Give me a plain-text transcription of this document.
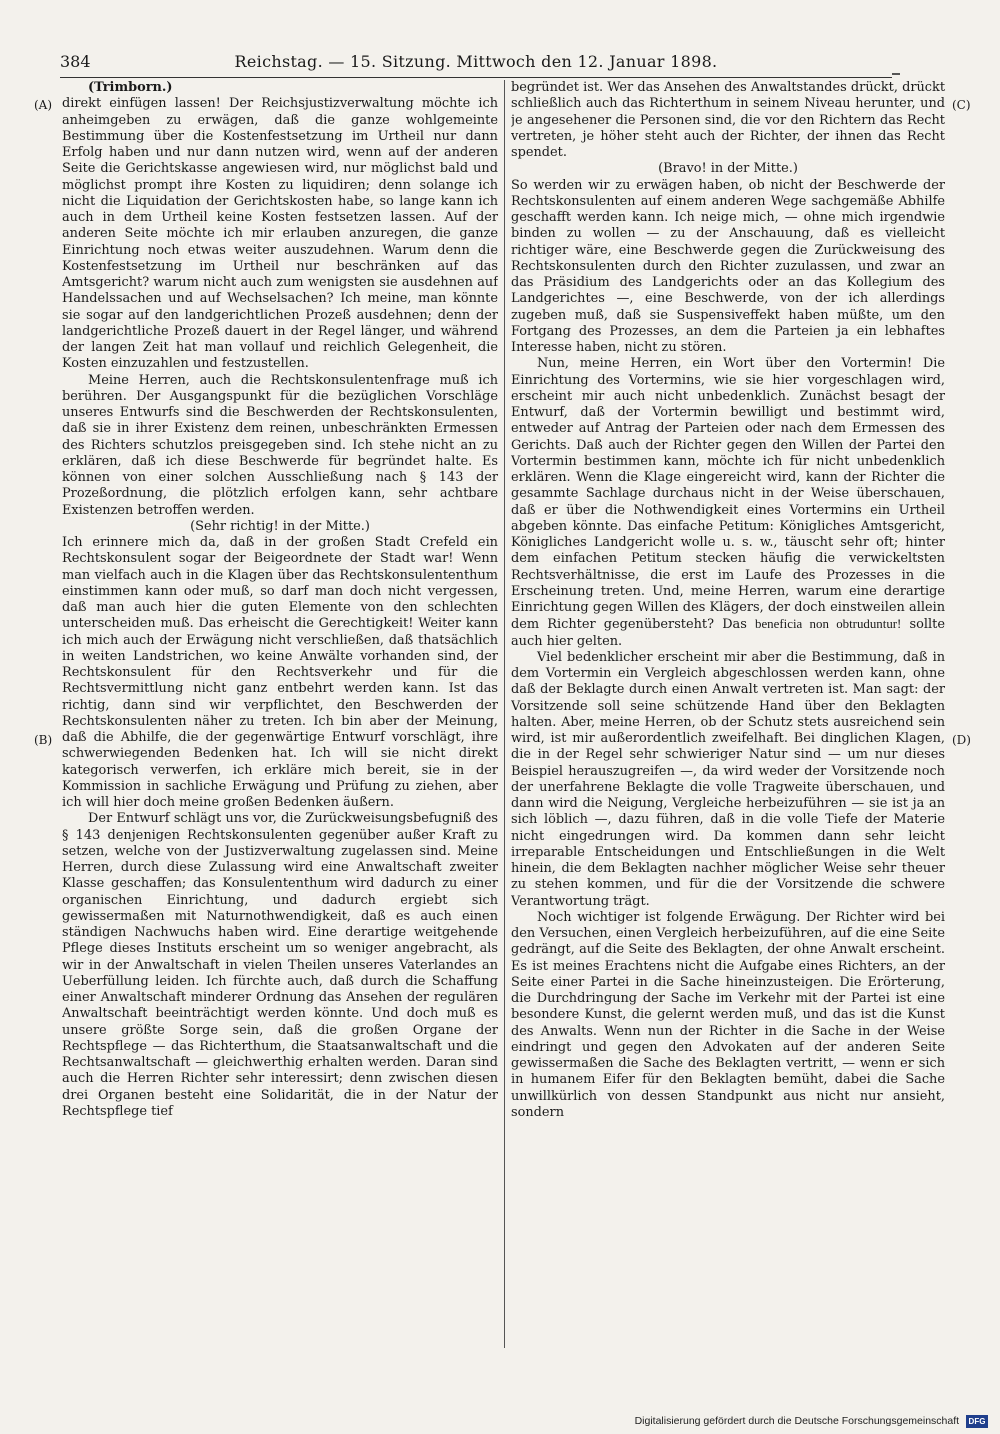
384	Reichstag. — 15. Sitzung. Mittwoch den 12. Januar 1898.
(A)
(B)
(C)
(D)

(Trimborn.)

direkt einfügen lassen! Der Reichsjustizverwaltung möchte ich anheimgeben zu erwägen, daß die ganze wohlgemeinte Bestimmung über die Kostenfestsetzung im Urtheil nur dann Erfolg haben und nur dann nutzen wird, wenn auf der anderen Seite die Gerichtskasse angewiesen wird, nur möglichst bald und möglichst prompt ihre Kosten zu liquidiren; denn solange ich nicht die Liquidation der Gerichtskosten habe, so lange kann ich auch in dem Urtheil keine Kosten festsetzen lassen. Auf der anderen Seite möchte ich mir erlauben anzuregen, die ganze Einrichtung noch etwas weiter auszudehnen. Warum denn die Kostenfestsetzung im Urtheil nur beschränken auf das Amtsgericht? warum nicht auch zum wenigsten sie ausdehnen auf Handelssachen und auf Wechselsachen? Ich meine, man könnte sie sogar auf den landgerichtlichen Prozeß ausdehnen; denn der landgerichtliche Prozeß dauert in der Regel länger, und während der langen Zeit hat man vollauf und reichlich Gelegenheit, die Kosten einzuzahlen und festzustellen.

Meine Herren, auch die Rechtskonsulentenfrage muß ich berühren. Der Ausgangspunkt für die bezüglichen Vorschläge unseres Entwurfs sind die Beschwerden der Rechtskonsulenten, daß sie in ihrer Existenz dem reinen, unbeschränkten Ermessen des Richters schutzlos preisgegeben sind. Ich stehe nicht an zu erklären, daß ich diese Beschwerde für begründet halte. Es können von einer solchen Ausschließung nach § 143 der Prozeßordnung, die plötzlich erfolgen kann, sehr achtbare Existenzen betroffen werden.

(Sehr richtig! in der Mitte.)

Ich erinnere mich da, daß in der großen Stadt Crefeld ein Rechtskonsulent sogar der Beigeordnete der Stadt war! Wenn man vielfach auch in die Klagen über das Rechtskonsulententhum einstimmen kann oder muß, so darf man doch nicht vergessen, daß man auch hier die guten Elemente von den schlechten unterscheiden muß. Das erheischt die Gerechtigkeit! Weiter kann ich mich auch der Erwägung nicht verschließen, daß thatsächlich in weiten Landstrichen, wo keine Anwälte vorhanden sind, der Rechtskonsulent für den Rechtsverkehr und für die Rechtsvermittlung nicht ganz entbehrt werden kann. Ist das richtig, dann sind wir verpflichtet, den Beschwerden der Rechtskonsulenten näher zu treten. Ich bin aber der Meinung, daß die Abhilfe, die der gegenwärtige Entwurf vorschlägt, ihre schwerwiegenden Bedenken hat. Ich will sie nicht direkt kategorisch verwerfen, ich erkläre mich bereit, sie in der Kommission in sachliche Erwägung und Prüfung zu ziehen, aber ich will hier doch meine großen Bedenken äußern.

Der Entwurf schlägt uns vor, die Zurückweisungsbefugniß des § 143 denjenigen Rechtskonsulenten gegenüber außer Kraft zu setzen, welche von der Justizverwaltung zugelassen sind. Meine Herren, durch diese Zulassung wird eine Anwaltschaft zweiter Klasse geschaffen; das Konsulententhum wird dadurch zu einer organischen Einrichtung, und dadurch ergiebt sich gewissermaßen mit Naturnothwendigkeit, daß es auch einen ständigen Nachwuchs haben wird. Eine derartige weitgehende Pflege dieses Instituts erscheint um so weniger angebracht, als wir in der Anwaltschaft in vielen Theilen unseres Vaterlandes an Ueberfüllung leiden. Ich fürchte auch, daß durch die Schaffung einer Anwaltschaft minderer Ordnung das Ansehen der regulären Anwaltschaft beeinträchtigt werden könnte. Und doch muß es unsere größte Sorge sein, daß die großen Organe der Rechtspflege — das Richterthum, die Staatsanwaltschaft und die Rechtsanwaltschaft — gleichwerthig erhalten werden. Daran sind auch die Herren Richter sehr interessirt; denn zwischen diesen drei Organen besteht eine Solidarität, die in der Natur der Rechtspflege tief

begründet ist. Wer das Ansehen des Anwaltstandes drückt, drückt schließlich auch das Richterthum in seinem Niveau herunter, und je angesehener die Personen sind, die vor den Richtern das Recht vertreten, je höher steht auch der Richter, der ihnen das Recht spendet.

(Bravo! in der Mitte.)

So werden wir zu erwägen haben, ob nicht der Beschwerde der Rechtskonsulenten auf einem anderen Wege sachgemäße Abhilfe geschafft werden kann. Ich neige mich, — ohne mich irgendwie binden zu wollen — zu der Anschauung, daß es vielleicht richtiger wäre, eine Beschwerde gegen die Zurückweisung des Rechtskonsulenten durch den Richter zuzulassen, und zwar an das Präsidium des Landgerichts oder an das Kollegium des Landgerichtes —, eine Beschwerde, von der ich allerdings zugeben muß, daß sie Suspensiveffekt haben müßte, um den Fortgang des Prozesses, an dem die Parteien ja ein lebhaftes Interesse haben, nicht zu stören.

Nun, meine Herren, ein Wort über den Vortermin! Die Einrichtung des Vortermins, wie sie hier vorgeschlagen wird, erscheint mir auch nicht unbedenklich. Zunächst besagt der Entwurf, daß der Vortermin bewilligt und bestimmt wird, entweder auf Antrag der Parteien oder nach dem Ermessen des Gerichts. Daß auch der Richter gegen den Willen der Partei den Vortermin bestimmen kann, möchte ich für nicht unbedenklich erklären. Wenn die Klage eingereicht wird, kann der Richter die gesammte Sachlage durchaus nicht in der Weise überschauen, daß er über die Nothwendigkeit eines Vortermins ein Urtheil abgeben könnte. Das einfache Petitum: Königliches Amtsgericht, Königliches Landgericht wolle u. s. w., täuscht sehr oft; hinter dem einfachen Petitum stecken häufig die verwickeltsten Rechtsverhältnisse, die erst im Laufe des Prozesses in die Erscheinung treten. Und, meine Herren, warum eine derartige Einrichtung gegen Willen des Klägers, der doch einstweilen allein dem Richter gegenübersteht? Das beneficia non obtruduntur! sollte auch hier gelten.

Viel bedenklicher erscheint mir aber die Bestimmung, daß in dem Vortermin ein Vergleich abgeschlossen werden kann, ohne daß der Beklagte durch einen Anwalt vertreten ist. Man sagt: der Vorsitzende soll seine schützende Hand über den Beklagten halten. Aber, meine Herren, ob der Schutz stets ausreichend sein wird, ist mir außerordentlich zweifelhaft. Bei dinglichen Klagen, die in der Regel sehr schwieriger Natur sind — um nur dieses Beispiel herauszugreifen —, da wird weder der Vorsitzende noch der unerfahrene Beklagte die volle Tragweite überschauen, und dann wird die Neigung, Vergleiche herbeizuführen — sie ist ja an sich löblich —, dazu führen, daß in die volle Tiefe der Materie nicht eingedrungen wird. Da kommen dann sehr leicht irreparable Entscheidungen und Entschließungen in die Welt hinein, die dem Beklagten nachher möglicher Weise sehr theuer zu stehen kommen, und für die der Vorsitzende die schwere Verantwortung trägt.

Noch wichtiger ist folgende Erwägung. Der Richter wird bei den Versuchen, einen Vergleich herbeizuführen, auf die eine Seite gedrängt, auf die Seite des Beklagten, der ohne Anwalt erscheint. Es ist meines Erachtens nicht die Aufgabe eines Richters, an der Seite einer Partei in die Sache hineinzusteigen. Die Erörterung, die Durchdringung der Sache im Verkehr mit der Partei ist eine besondere Kunst, die gelernt werden muß, und das ist die Kunst des Anwalts. Wenn nun der Richter in die Sache in der Weise eindringt und gegen den Advokaten auf der anderen Seite gewissermaßen die Sache des Beklagten vertritt, — wenn er sich in humanem Eifer für den Beklagten bemüht, dabei die Sache unwillkürlich von dessen Standpunkt aus nicht nur ansieht, sondern

Digitalisierung gefördert durch die Deutsche Forschungsgemeinschaft DFG
